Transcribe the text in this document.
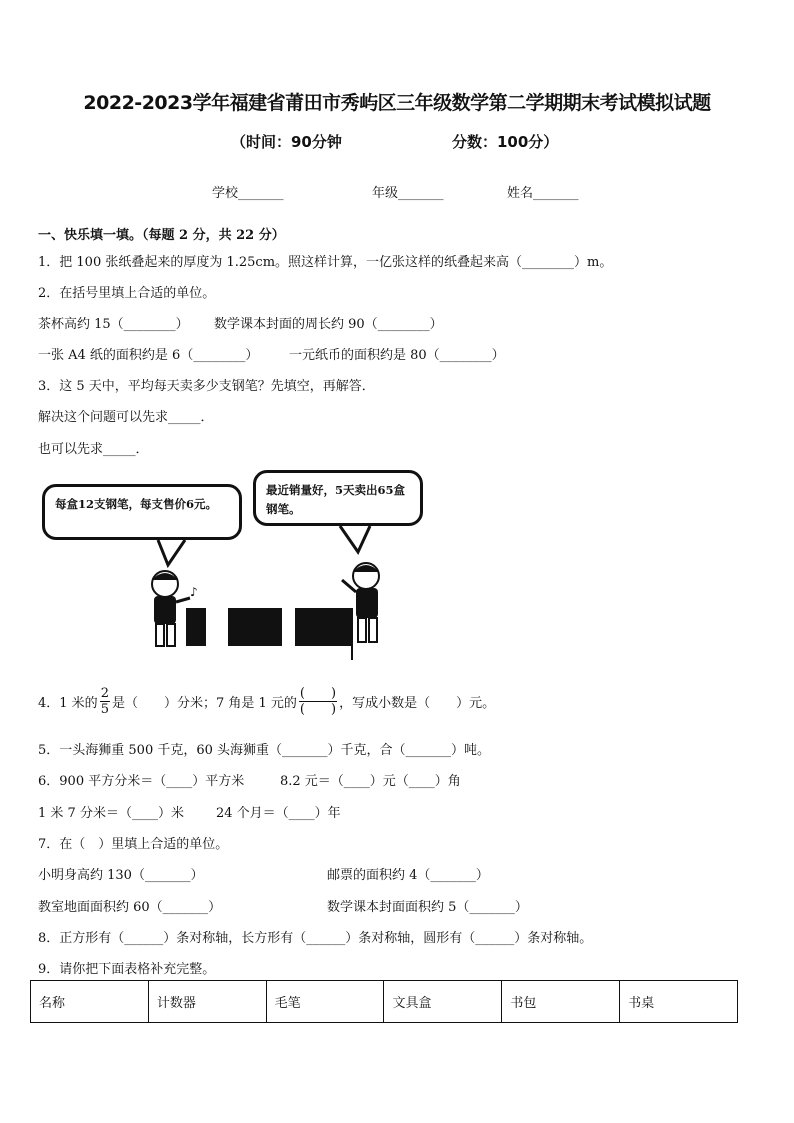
2022-2023学年福建省莆田市秀屿区三年级数学第二学期期末考试模拟试题
（时间：90分钟	分数：100分）
学校_______	年级_______	姓名_______
一、快乐填一填。（每题 2 分，共 22 分）
1．把 100 张纸叠起来的厚度为 1.25cm。照这样计算，一亿张这样的纸叠起来高（________）m。
2．在括号里填上合适的单位。
茶杯高约 15（________） 数学课本封面的周长约 90（________）
一张 A4 纸的面积约是 6（________） 一元纸币的面积约是 80（________）
3．这 5 天中，平均每天卖多少支钢笔？先填空，再解答．
解决这个问题可以先求_____．
也可以先求_____．
每盒12支钢笔，每支售价6元。
最近销量好，5天卖出65盒钢笔。
♪
4．1 米的 $\frac{2}{5}$ 是（　　）分米；7 角是 1 元的 $\frac{( )}{( )}$ ，写成小数是（　　）元。
5．一头海狮重 500 千克，60 头海狮重（_______）千克，合（_______）吨。
6．900 平方分米＝（____）平方米	8.2 元＝（____）元（____）角
1 米 7 分米＝（____）米 24 个月＝（____）年
7．在（　）里填上合适的单位。
小明身高约 130（_______）	邮票的面积约 4（_______）
教室地面面积约 60（_______）	数学课本封面面积约 5（_______）
8．正方形有（______）条对称轴，长方形有（______）条对称轴，圆形有（______）条对称轴。
9．请你把下面表格补充完整。
名称	计数器	毛笔	文具盒	书包	书桌
